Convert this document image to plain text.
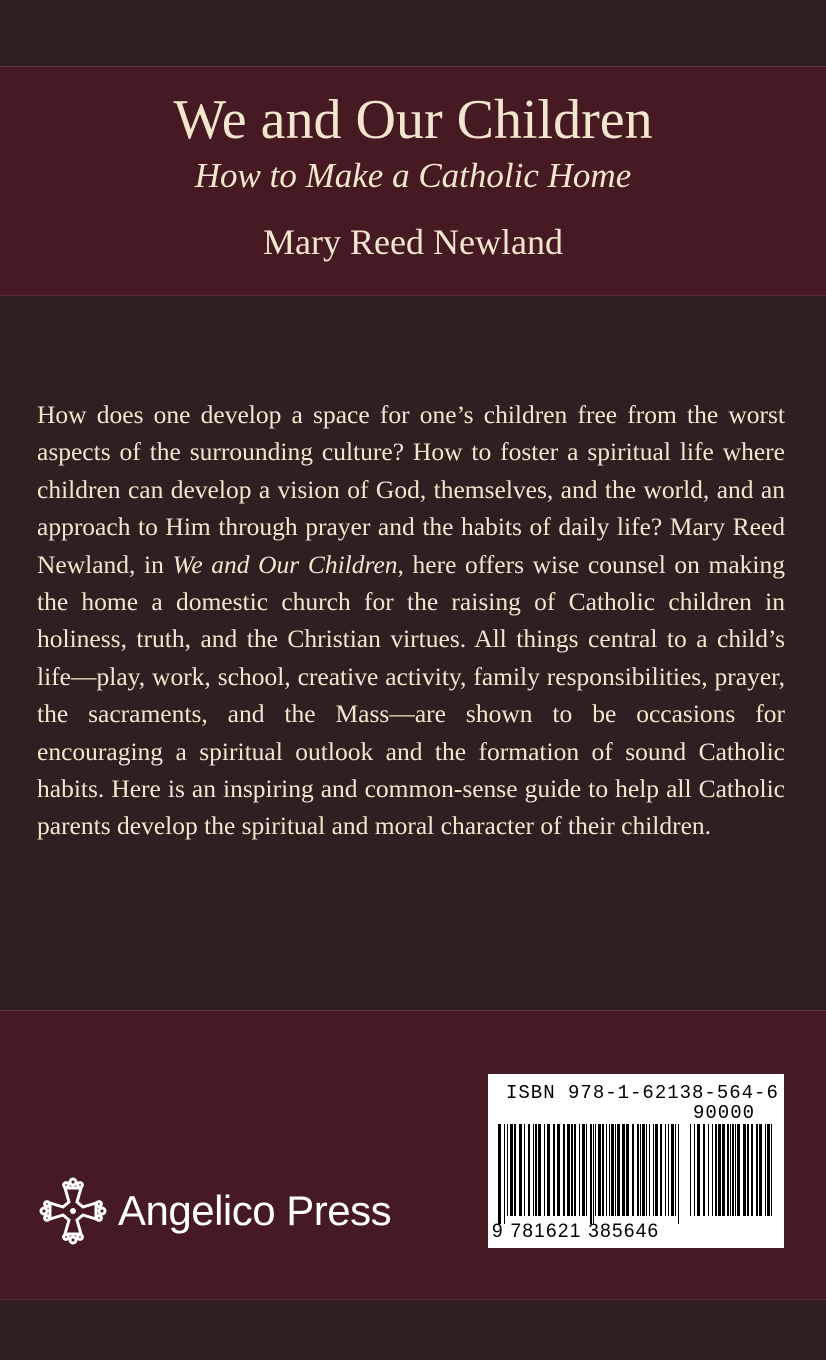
We and Our Children
How to Make a Catholic Home
Mary Reed Newland

How does one develop a space for one’s children free from the worst aspects of the surrounding culture? How to foster a spiritual life where children can develop a vision of God, themselves, and the world, and an approach to Him through prayer and the habits of daily life? Mary Reed Newland, in We and Our Children, here offers wise counsel on making the home a domestic church for the raising of Catholic children in holiness, truth, and the Christian virtues. All things central to a child’s life—play, work, school, creative activity, family responsibilities, prayer, the sacraments, and the Mass—are shown to be occasions for encouraging a spiritual outlook and the formation of sound Catholic habits. Here is an inspiring and common-sense guide to help all Catholic parents develop the spiritual and moral character of their children.

Angelico Press
ISBN 978-1-62138-564-6
90000
9 781621 385646
